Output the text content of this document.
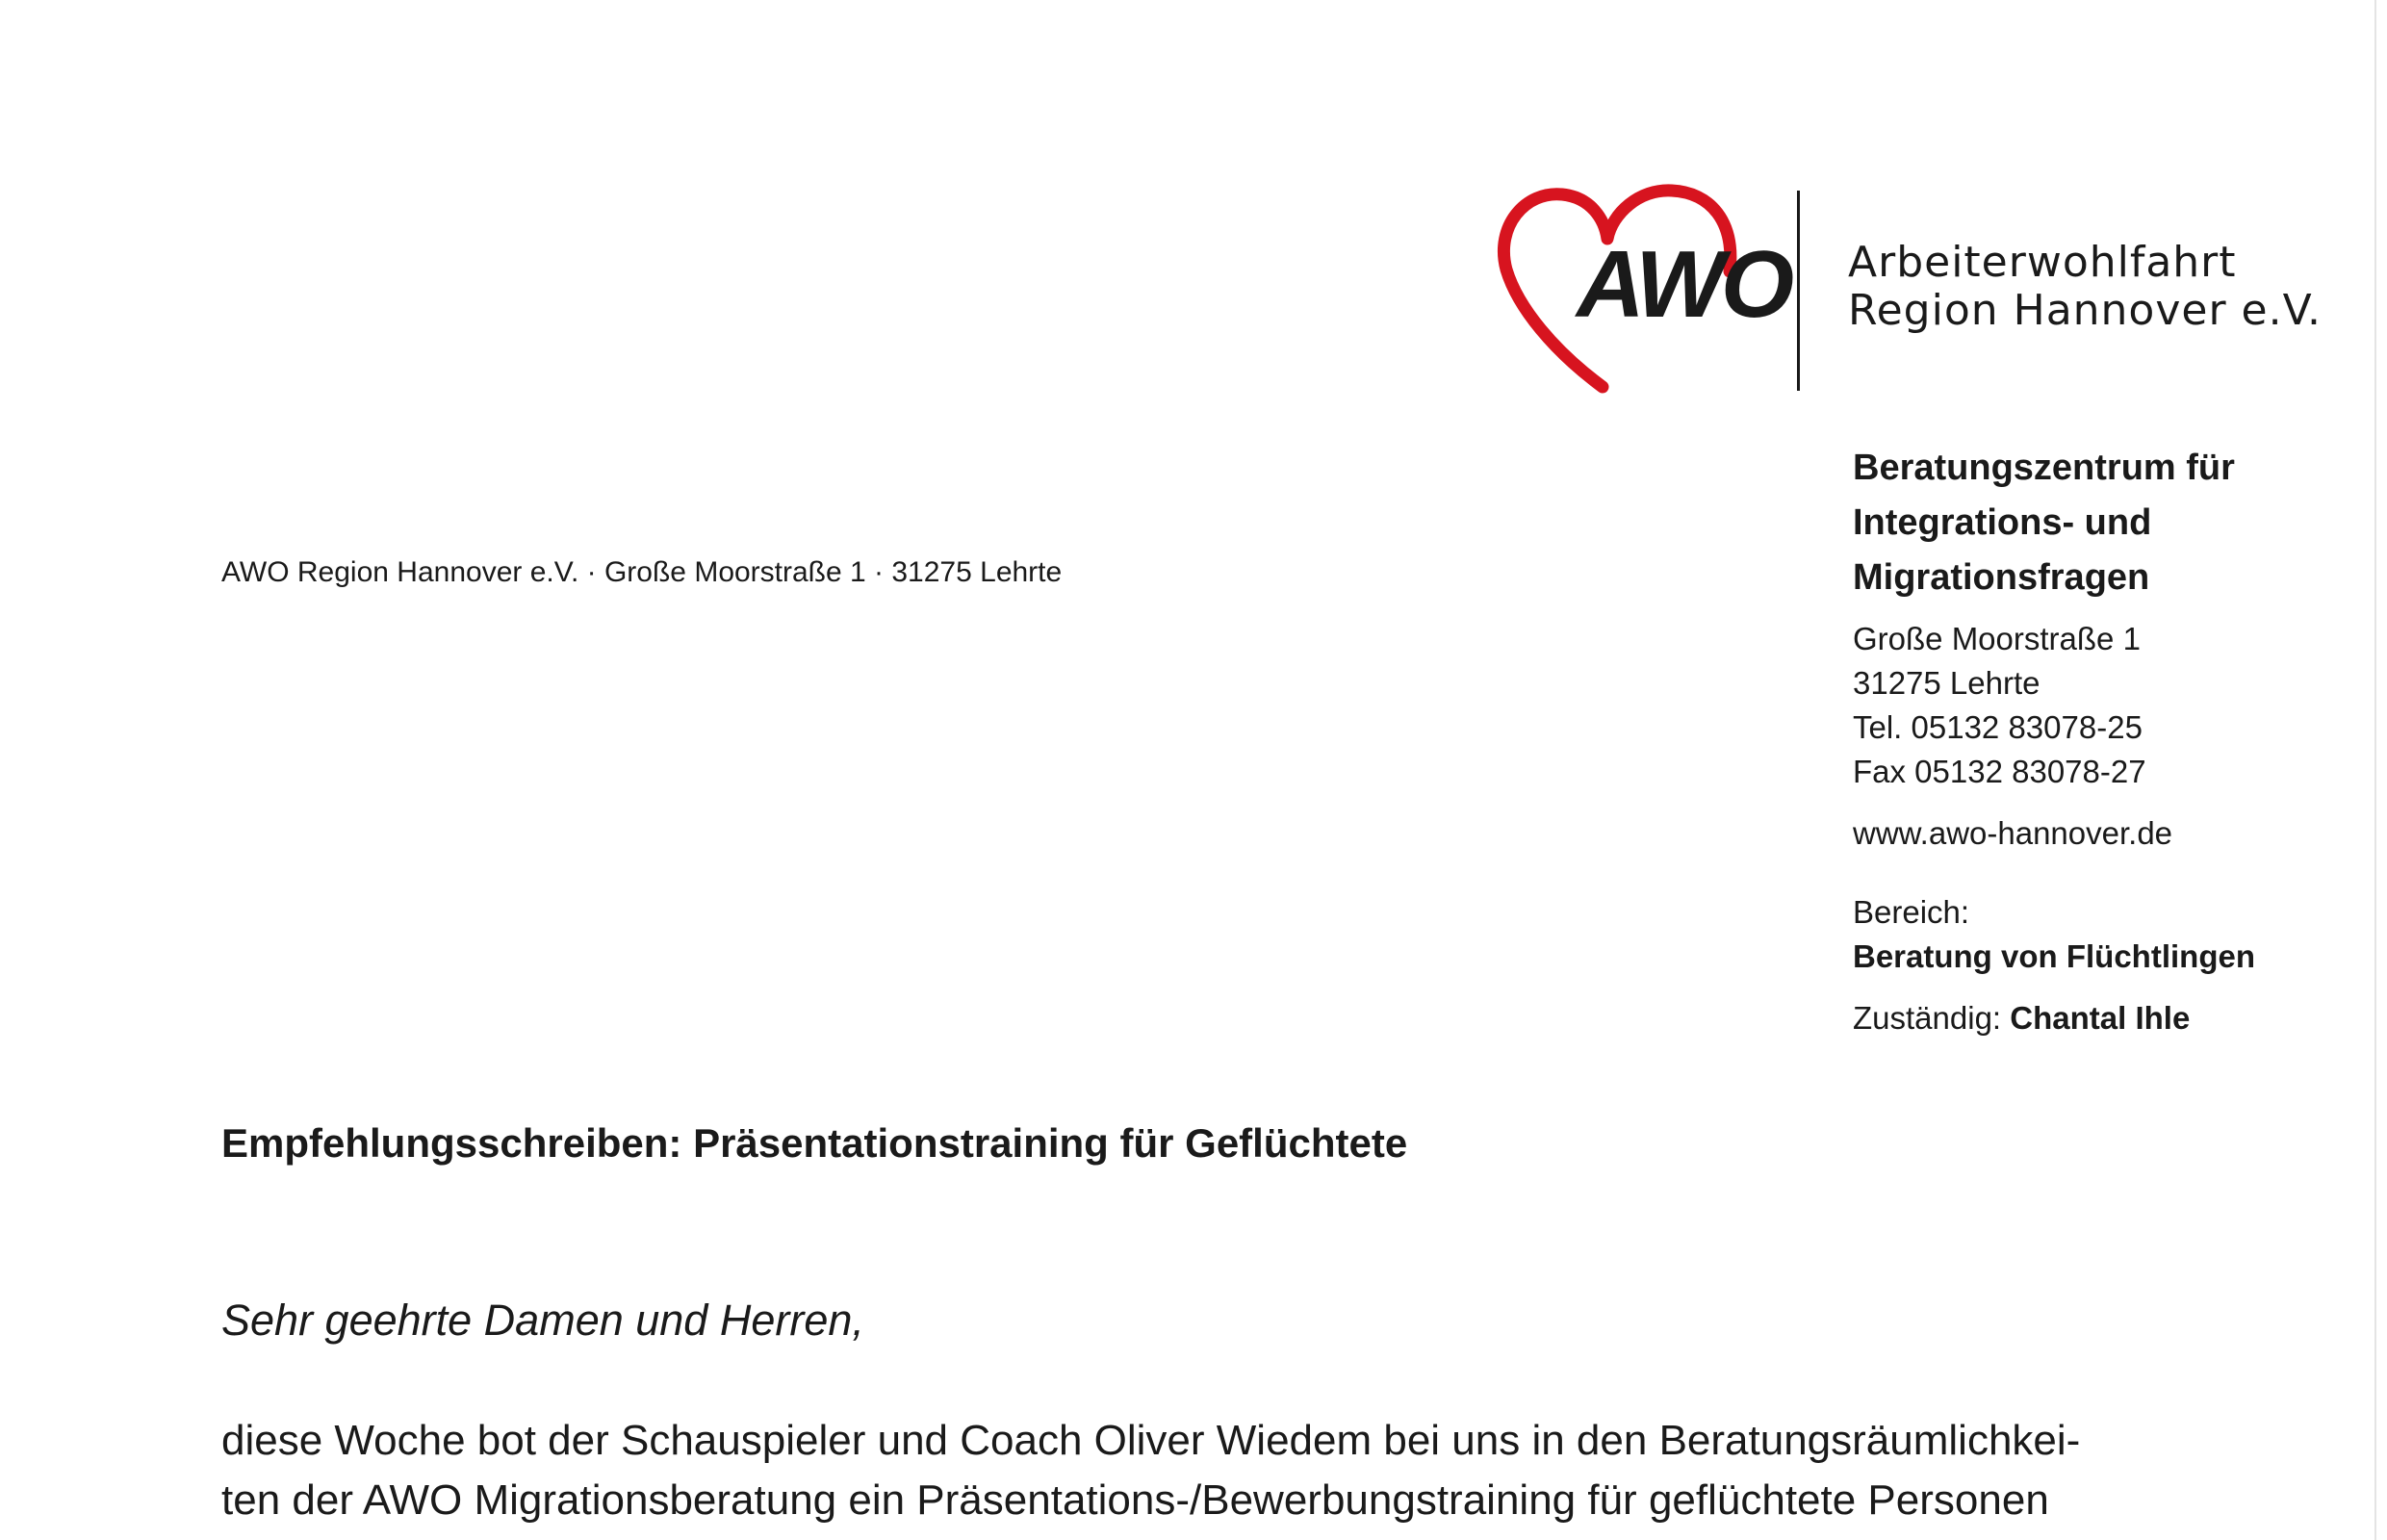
AWO Arbeiterwohlfahrt
Region Hannover e.V.
AWO Region Hannover e.V. · Große Moorstraße 1 · 31275 Lehrte
Beratungszentrum für
Integrations- und
Migrationsfragen
Große Moorstraße 1
31275 Lehrte
Tel. 05132 83078-25
Fax 05132 83078-27
www.awo-hannover.de
Bereich:
Beratung von Flüchtlingen
Zuständig: Chantal Ihle
Empfehlungsschreiben: Präsentationstraining für Geflüchtete
Sehr geehrte Damen und Herren,
diese Woche bot der Schauspieler und Coach Oliver Wiedem bei uns in den Beratungsräumlichkei-
ten der AWO Migrationsberatung ein Präsentations-/Bewerbungstraining für geflüchtete Personen
